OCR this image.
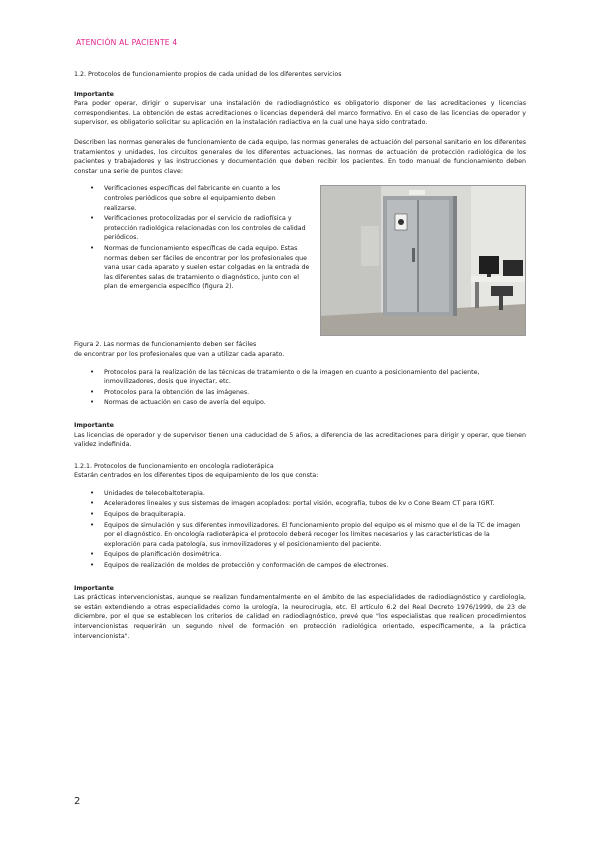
ATENCIÓN AL PACIENTE 4

1.2. Protocolos de funcionamiento propios de cada unidad de los diferentes servicios

Importante

Para poder operar, dirigir o supervisar una instalación de radiodiagnóstico es obligatorio disponer de las acreditaciones y licencias correspondientes. La obtención de estas acreditaciones o licencias dependerá del marco formativo. En el caso de las licencias de operador y supervisor, es obligatorio solicitar su aplicación en la instalación radiactiva en la cual une haya sido contratado.

Describen las normas generales de funcionamiento de cada equipo, las normas generales de actuación del personal sanitario en los diferentes tratamientos y unidades, los circuitos generales de los diferentes actuaciones, las normas de actuación de protección radiológica de los pacientes y trabajadores y las instrucciones y documentación que deben recibir los pacientes. En todo manual de funcionamiento deben constar una serie de puntos clave:

• Verificaciones específicas del fabricante en cuanto a los controles periódicos que sobre el equipamiento deben realizarse.
• Verificaciones protocolizadas por el servicio de radiofísica y protección radiológica relacionadas con los controles de calidad periódicos.
• Normas de funcionamiento específicas de cada equipo. Estas normas deben ser fáciles de encontrar por los profesionales que vana usar cada aparato y suelen estar colgadas en la entrada de las diferentes salas de tratamiento o diagnóstico, junto con el plan de emergencia específico (figura 2).

Figura 2. Las normas de funcionamiento deben ser fáciles

de encontrar por los profesionales que van a utilizar cada aparato.

• Protocolos para la realización de las técnicas de tratamiento o de la imagen en cuanto a posicionamiento del paciente, inmovilizadores, dosis que inyectar, etc.
• Protocolos para la obtención de las imágenes.
• Normas de actuación en caso de avería del equipo.

Importante

Las licencias de operador y de supervisor tienen una caducidad de 5 años, a diferencia de las acreditaciones para dirigir y operar, que tienen validez indefinida.

1.2.1. Protocolos de funcionamiento en oncología radioterápica

Estarán centrados en los diferentes tipos de equipamiento de los que consta:

• Unidades de telecobaltoterapia.
• Aceleradores lineales y sus sistemas de imagen acoplados: portal visión, ecografía, tubos de kv o Cone Beam CT para IGRT.
• Equipos de braquiterapia.
• Equipos de simulación y sus diferentes inmovilizadores. El funcionamiento propio del equipo es el mismo que el de la TC de imagen por el diagnóstico. En oncología radioterápica el protocolo deberá recoger los límites necesarios y las características de la exploración para cada patología, sus inmovilizadores y el posicionamiento del paciente.
• Equipos de planificación dosimétrica.
• Equipos de realización de moldes de protección y conformación de campos de electrones.

Importante

Las prácticas intervencionistas, aunque se realizan fundamentalmente en el ámbito de las especialidades de radiodiagnóstico y cardiología, se están extendiendo a otras especialidades como la urología, la neurocirugía, etc. El artículo 6.2 del Real Decreto 1976/1999, de 23 de diciembre, por el que se establecen los criterios de calidad en radiodiagnóstico, prevé que "los especialistas que realicen procedimientos intervencionistas requerirán un segundo nivel de formación en protección radiológica orientado, específicamente, a la práctica intervencionista".

2
